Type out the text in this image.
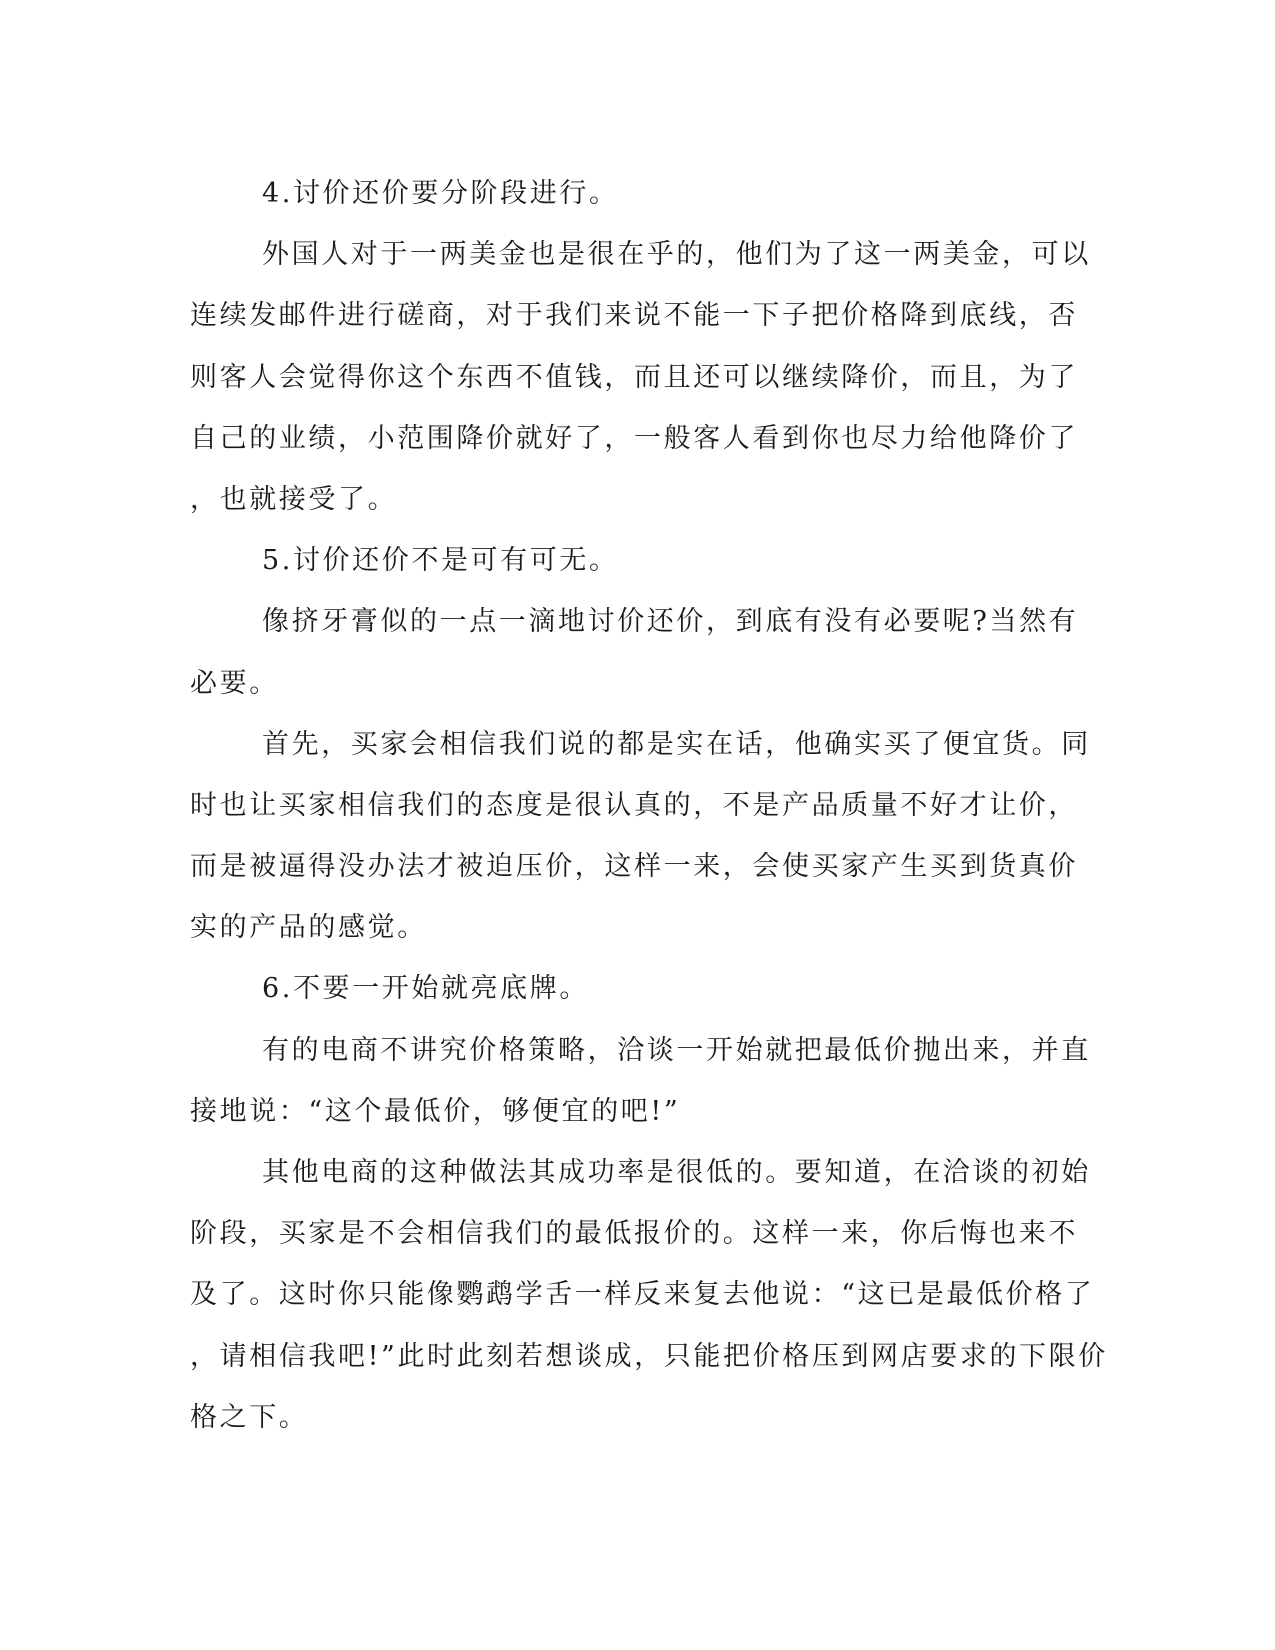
4.讨价还价要分阶段进行。
外国人对于一两美金也是很在乎的，他们为了这一两美金，可以
连续发邮件进行磋商，对于我们来说不能一下子把价格降到底线，否
则客人会觉得你这个东西不值钱，而且还可以继续降价，而且，为了
自己的业绩，小范围降价就好了，一般客人看到你也尽力给他降价了
，也就接受了。
5.讨价还价不是可有可无。
像挤牙膏似的一点一滴地讨价还价，到底有没有必要呢?当然有
必要。
首先，买家会相信我们说的都是实在话，他确实买了便宜货。同
时也让买家相信我们的态度是很认真的，不是产品质量不好才让价，
而是被逼得没办法才被迫压价，这样一来，会使买家产生买到货真价
实的产品的感觉。
6.不要一开始就亮底牌。
有的电商不讲究价格策略，洽谈一开始就把最低价抛出来，并直
接地说：“这个最低价，够便宜的吧!”
其他电商的这种做法其成功率是很低的。要知道，在洽谈的初始
阶段，买家是不会相信我们的最低报价的。这样一来，你后悔也来不
及了。这时你只能像鹦鹉学舌一样反来复去他说：“这已是最低价格了
，请相信我吧!”此时此刻若想谈成，只能把价格压到网店要求的下限价
格之下。
